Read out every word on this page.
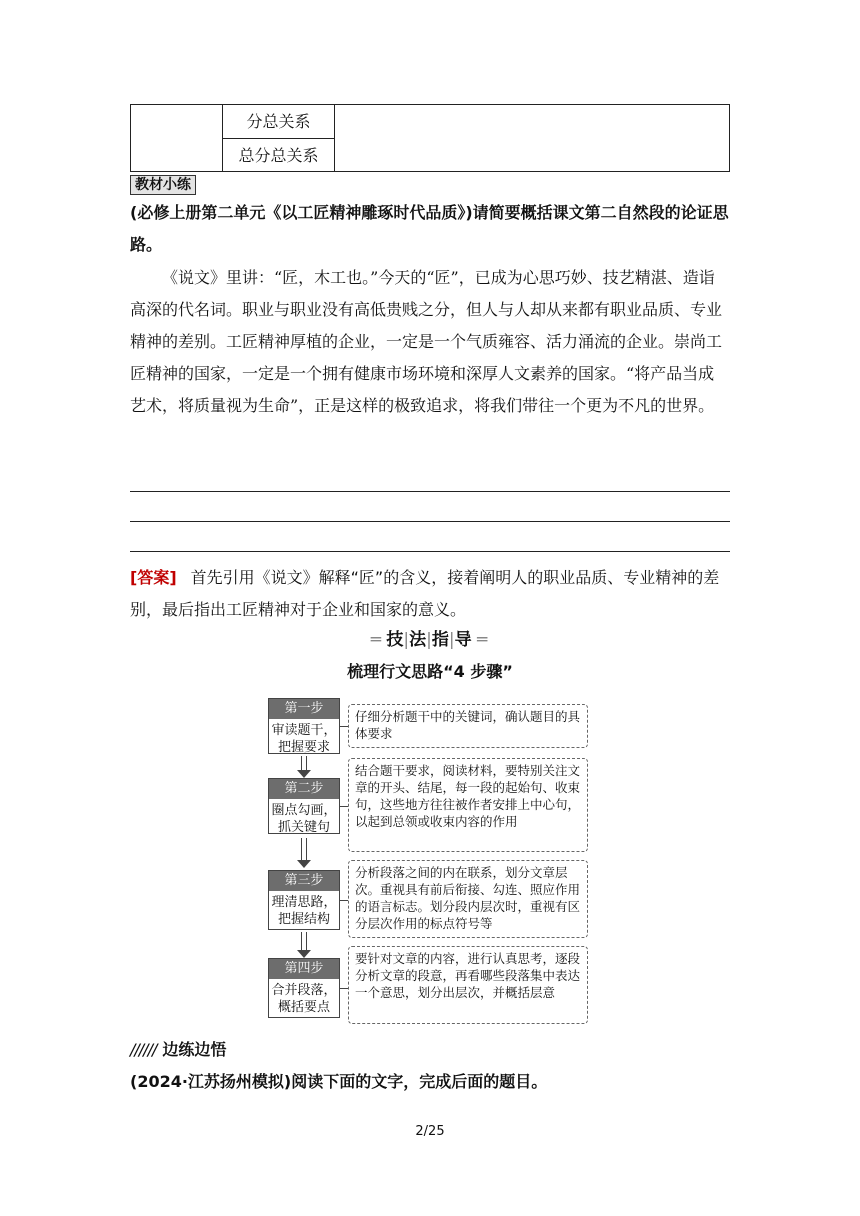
分总关系
总分总关系
教材小练
(必修上册第二单元《以工匠精神雕琢时代品质》)请简要概括课文第二自然段的论证思路。
《说文》里讲：“匠，木工也。”今天的“匠”，已成为心思巧妙、技艺精湛、造诣高深的代名词。职业与职业没有高低贵贱之分，但人与人却从来都有职业品质、专业精神的差别。工匠精神厚植的企业，一定是一个气质雍容、活力涌流的企业。崇尚工匠精神的国家，一定是一个拥有健康市场环境和深厚人文素养的国家。“将产品当成艺术，将质量视为生命”，正是这样的极致追求，将我们带往一个更为不凡的世界。
[答案] 首先引用《说文》解释“匠”的含义，接着阐明人的职业品质、专业精神的差别，最后指出工匠精神对于企业和国家的意义。
═ 技|法|指|导 ═
梳理行文思路“4 步骤”
第一步
审读题干，把握要求
仔细分析题干中的关键词，确认题目的具体要求
第二步
圈点勾画，抓关键句
结合题干要求，阅读材料，要特别关注文章的开头、结尾，每一段的起始句、收束句，这些地方往往被作者安排上中心句，以起到总领或收束内容的作用
第三步
理清思路，把握结构
分析段落之间的内在联系，划分文章层次。重视具有前后衔接、勾连、照应作用的语言标志。划分段内层次时，重视有区分层次作用的标点符号等
第四步
合并段落，概括要点
要针对文章的内容，进行认真思考，逐段分析文章的段意，再看哪些段落集中表达一个意思，划分出层次，并概括层意
////// 边练边悟
(2024·江苏扬州模拟)阅读下面的文字，完成后面的题目。
2/25
